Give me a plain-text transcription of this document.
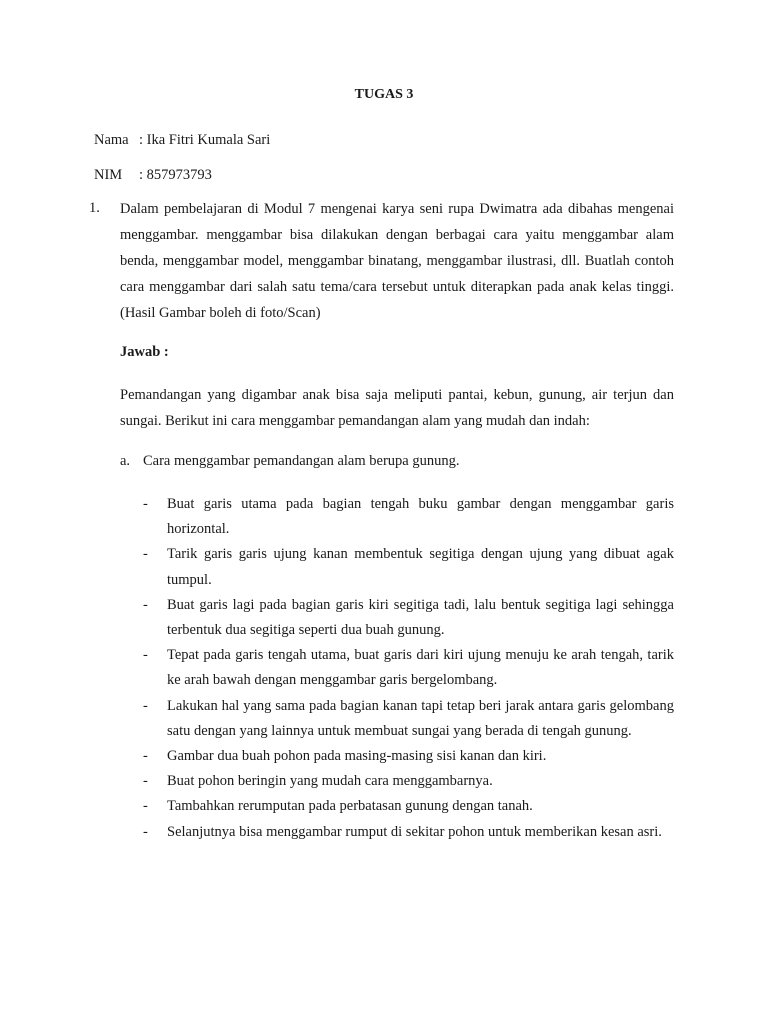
TUGAS 3
Nama : Ika Fitri Kumala Sari
NIM : 857973793
1. Dalam pembelajaran di Modul 7 mengenai karya seni rupa Dwimatra ada dibahas mengenai menggambar. menggambar bisa dilakukan dengan berbagai cara yaitu menggambar alam benda, menggambar model, menggambar binatang, menggambar ilustrasi, dll. Buatlah contoh cara menggambar dari salah satu tema/cara tersebut untuk diterapkan pada anak kelas tinggi. (Hasil Gambar boleh di foto/Scan)
Jawab :
Pemandangan yang digambar anak bisa saja meliputi pantai, kebun, gunung, air terjun dan sungai. Berikut ini cara menggambar pemandangan alam yang mudah dan indah:
a. Cara menggambar pemandangan alam berupa gunung.
- Buat garis utama pada bagian tengah buku gambar dengan menggambar garis horizontal.
- Tarik garis garis ujung kanan membentuk segitiga dengan ujung yang dibuat agak tumpul.
- Buat garis lagi pada bagian garis kiri segitiga tadi, lalu bentuk segitiga lagi sehingga terbentuk dua segitiga seperti dua buah gunung.
- Tepat pada garis tengah utama, buat garis dari kiri ujung menuju ke arah tengah, tarik ke arah bawah dengan menggambar garis bergelombang.
- Lakukan hal yang sama pada bagian kanan tapi tetap beri jarak antara garis gelombang satu dengan yang lainnya untuk membuat sungai yang berada di tengah gunung.
- Gambar dua buah pohon pada masing-masing sisi kanan dan kiri.
- Buat pohon beringin yang mudah cara menggambarnya.
- Tambahkan rerumputan pada perbatasan gunung dengan tanah.
- Selanjutnya bisa menggambar rumput di sekitar pohon untuk memberikan kesan asri.
